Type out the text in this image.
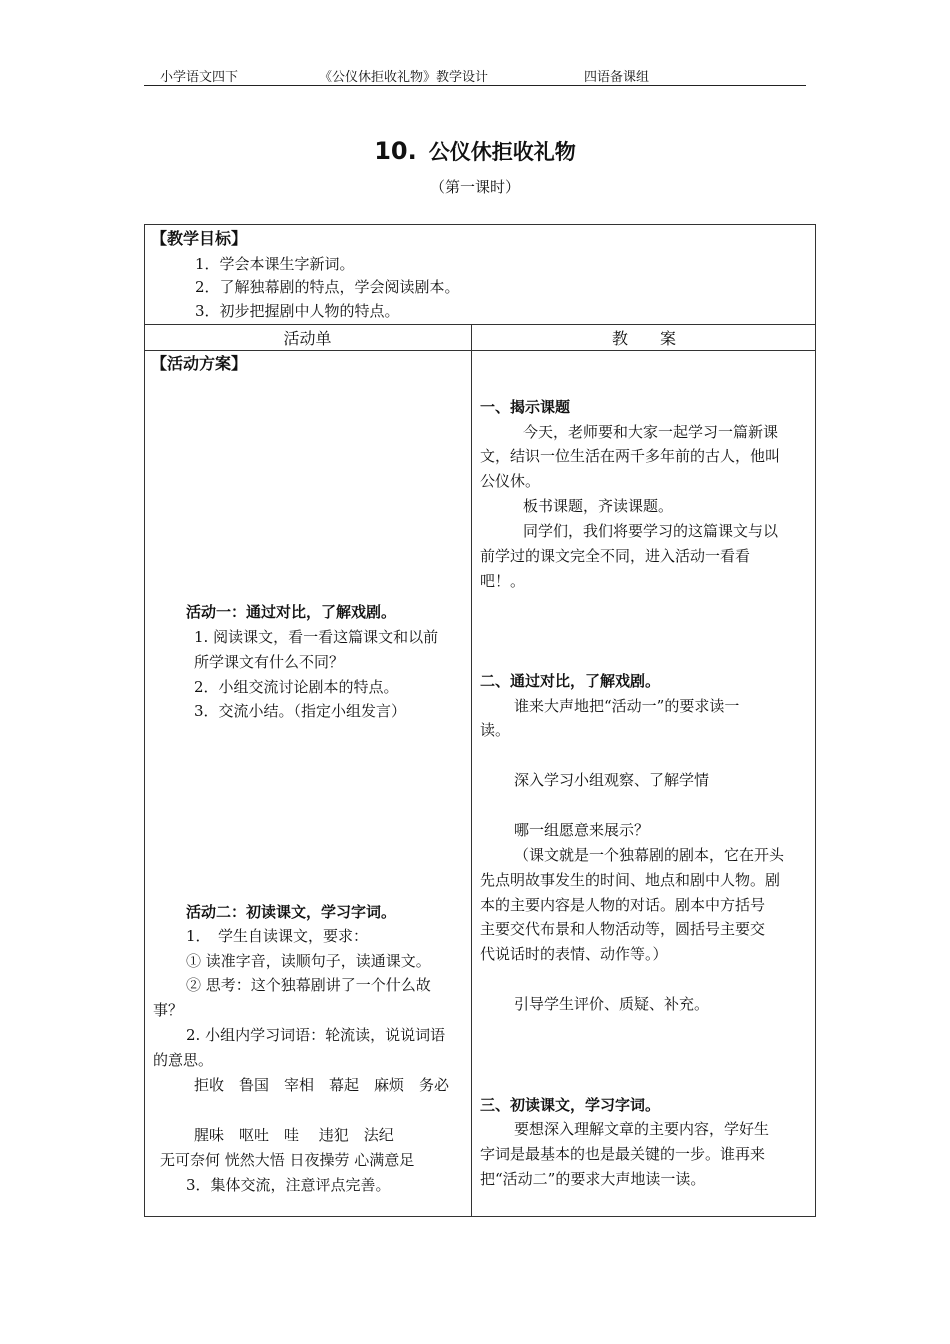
小学语文四下	《公仪休拒收礼物》教学设计	四语备课组
10. 公仪休拒收礼物
（第一课时）
【教学目标】
1．学会本课生字新词。
2．了解独幕剧的特点，学会阅读剧本。
3．初步把握剧中人物的特点。
活动单	教　　案
【活动方案】
活动一：通过对比，了解戏剧。
1. 阅读课文，看一看这篇课文和以前
所学课文有什么不同？
2．小组交流讨论剧本的特点。
3．交流小结。（指定小组发言）
活动二：初读课文，学习字词。
1．　学生自读课文，要求：
① 读准字音，读顺句子，读通课文。
② 思考：这个独幕剧讲了一个什么故
事？
2. 小组内学习词语：轮流读，说说词语
的意思。
拒收　鲁国　宰相　幕起　麻烦　务必
腥味　呕吐　哇　 违犯　法纪
无可奈何 恍然大悟 日夜操劳 心满意足
3．集体交流，注意评点完善。
一、揭示课题
今天，老师要和大家一起学习一篇新课
文，结识一位生活在两千多年前的古人，他叫
公仪休。
板书课题，齐读课题。
同学们，我们将要学习的这篇课文与以
前学过的课文完全不同，进入活动一看看
吧！。
二、通过对比，了解戏剧。
谁来大声地把“活动一”的要求读一
读。
深入学习小组观察、了解学情
哪一组愿意来展示？
（课文就是一个独幕剧的剧本，它在开头
先点明故事发生的时间、地点和剧中人物。剧
本的主要内容是人物的对话。剧本中方括号
主要交代布景和人物活动等，圆括号主要交
代说话时的表情、动作等。）
引导学生评价、质疑、补充。
三、初读课文，学习字词。
要想深入理解文章的主要内容，学好生
字词是最基本的也是最关键的一步。谁再来
把“活动二”的要求大声地读一读。
